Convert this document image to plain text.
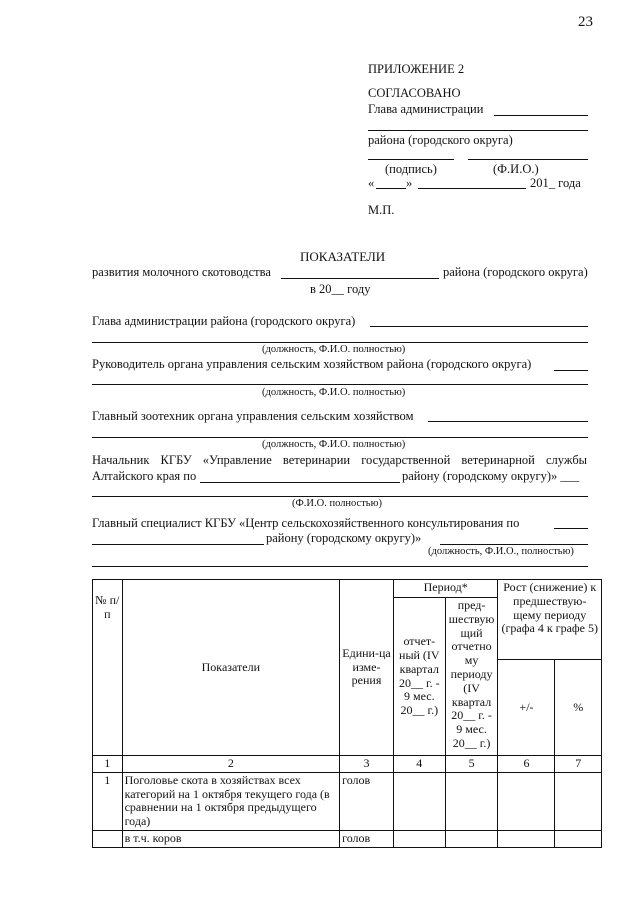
23
ПРИЛОЖЕНИЕ 2
СОГЛАСОВАНО
Глава администрации
района (городского округа)
(подпись)	(Ф.И.О.)
«	»	201_ года
М.П.
ПОКАЗАТЕЛИ
развития молочного скотоводства	района (городского округа)
в 20__ году
Глава администрации района (городского округа)
(должность, Ф.И.О. полностью)
Руководитель органа управления сельским хозяйством района (городского округа)
(должность, Ф.И.О. полностью)
Главный зоотехник органа управления сельским хозяйством
(должность, Ф.И.О. полностью)
Начальник КГБУ «Управление ветеринарии государственной ветеринарной службы
Алтайского края по	району (городскому округу)» ___
(Ф.И.О. полностью)
Главный специалист КГБУ «Центр сельскохозяйственного консультирования по
району (городскому округу)»
(должность, Ф.И.О., полностью)
№ п/п	Показатели	Едини-ца изме-рения	Период*		Рост (снижение) к предшествую-щему периоду (графа 4 к графе 5)	
			отчет-ный (IV квартал 20__ г. - 9 мес. 20__ г.)	пред-шествую щий отчетно му периоду (IV квартал 20__ г. - 9 мес. 20__ г.)		
					+/-	%
1	2	3	4	5	6	7
1	Поголовье скота в хозяйствах всех категорий на 1 октября текущего года (в сравнении на 1 октября предыдущего года)	голов				
	в т.ч. коров	голов				
